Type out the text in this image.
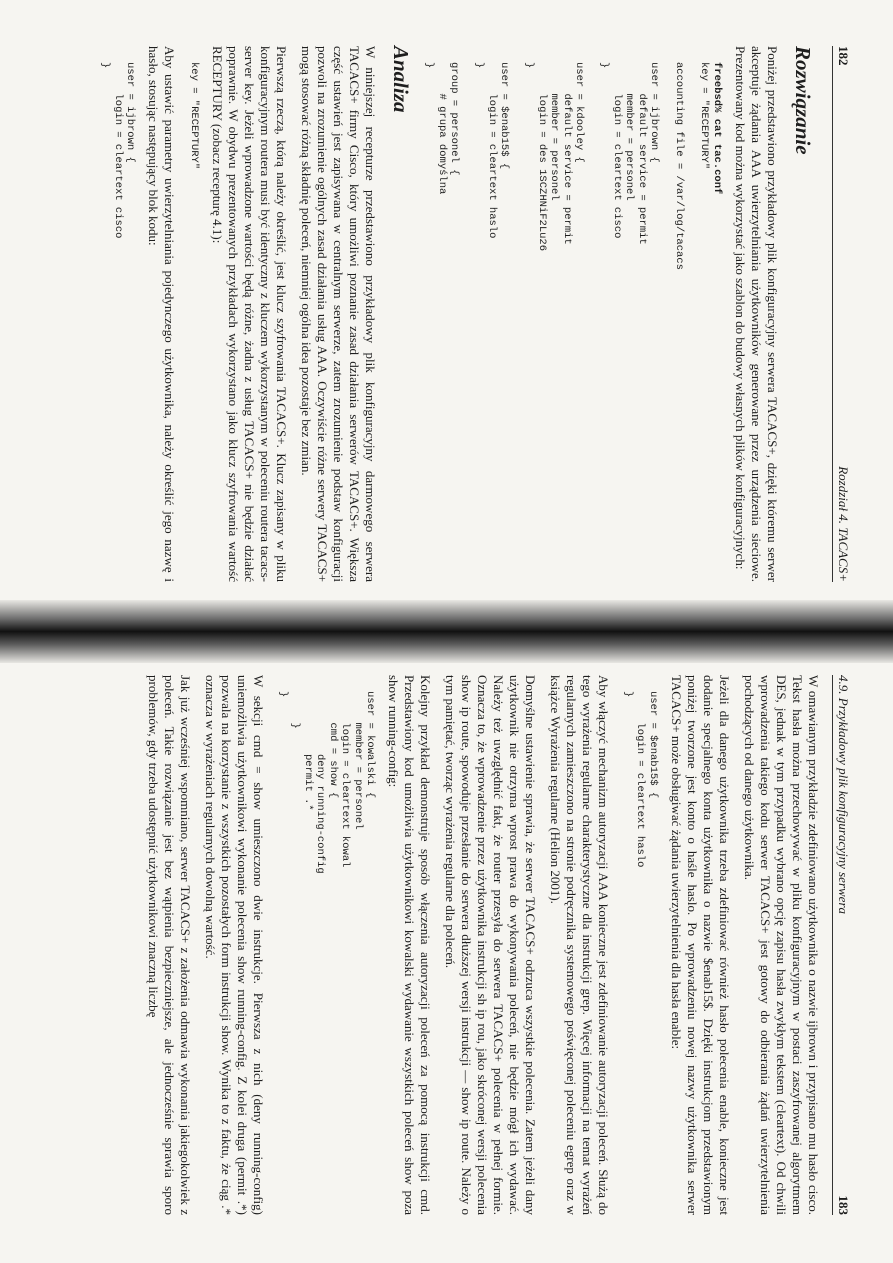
182
Rozdział 4. TACACS+
Rozwiązanie

Poniżej przedstawiono przykładowy plik konfiguracyjny serwera TACACS+, dzięki któremu serwer akceptuje żądania AAA uwierzytelniania użytkowników generowane przez urządzenia sieciowe. Prezentowany kod można wykorzystać jako szablon do budowy własnych plików konfiguracyjnych:

freebsd% cat tac.conf
key = "RECEPTURY"

accounting file = /var/log/tacacs

user = ijbrown {
default service = permit
member = personel
login = cleartext cisco
}

user = kdooley {
default service = permit
member = personel
login = des 1SCZHNiF2Lu26
}

user = $enab15$ {
login = cleartext haslo
}

group = personel {
# grupa domyślna
}
Analiza

W niniejszej recepturze przedstawiono przykładowy plik konfiguracyjny darmowego serwera TACACS+ firmy Cisco, który umożliwi poznanie zasad działania serwerów TACACS+. Większa część ustawień jest zapisywana w centralnym serwerze, zatem zrozumienie podstaw konfiguracji pozwoli na zrozumienie ogólnych zasad działania usług AAA. Oczywiście różne serwery TACACS+ mogą stosować różną składnię poleceń, niemniej ogólna idea pozostaje bez zmian.

Pierwszą rzeczą, którą należy określić, jest klucz szyfrowania TACACS+. Klucz zapisany w pliku konfiguracyjnym routera musi być identyczny z kluczem wykorzystanym w poleceniu routera tacacs-server key. Jeżeli wprowadzone wartości będą różne, żadna z usług TACACS+ nie będzie działać poprawnie. W obydwu prezentowanych przykładach wykorzystano jako klucz szyfrowania wartość RECEPTURY (zobacz recepturę 4.1):

key = "RECEPTURY"

Aby ustawić parametry uwierzytelniania pojedynczego użytkownika, należy określić jego nazwę i hasło, stosując następujący blok kodu:

user = ijbrown {
login = cleartext cisco
}
4.9. Przykładowy plik konfiguracyjny serwera
183

W omawianym przykładzie zdefiniowano użytkownika o nazwie ijbrown i przypisano mu hasło cisco. Tekst hasła można przechowywać w pliku konfiguracyjnym w postaci zaszyfrowanej algorytmem DES, jednak w tym przypadku wybrano opcję zapisu hasła zwykłym tekstem (cleartext). Od chwili wprowadzenia takiego kodu serwer TACACS+ jest gotowy do odbierania żądań uwierzytelnienia pochodzących od danego użytkownika.

Jeżeli dla danego użytkownika trzeba zdefiniować również hasło polecenia enable, konieczne jest dodanie specjalnego konta użytkownika o nazwie $enab15$. Dzięki instrukcjom przedstawionym poniżej tworzone jest konto o haśle haslo. Po wprowadzeniu nowej nazwy użytkownika serwer TACACS+ może obsługiwać żądania uwierzytelnienia dla hasła enable:

user = $enab15$ {
login = cleartext haslo
}

Aby włączyć mechanizm autoryzacji AAA konieczne jest zdefiniowanie autoryzacji poleceń. Służą do tego wyrażenia regularne charakterystyczne dla instrukcji grep. Więcej informacji na temat wyrażeń regularnych zamieszczono na stronie podręcznika systemowego poświęconej poleceniu egrep oraz w książce Wyrażenia regularne (Helion 2001).

Domyślne ustawienie sprawia, że serwer TACACS+ odrzuca wszystkie polecenia. Zatem jeżeli dany użytkownik nie otrzyma wprost prawa do wykonywania poleceń, nie będzie mógł ich wydawać. Należy też uwzględnić fakt, że router przesyła do serwera TACACS+ polecenia w pełnej formie. Oznacza to, że wprowadzenie przez użytkownika instrukcji sh ip rou, jako skróconej wersji polecenia show ip route, spowoduje przesłanie do serwera dłuższej wersji instrukcji — show ip route. Należy o tym pamiętać, tworząc wyrażenia regularne dla poleceń.

Kolejny przykład demonstruje sposób włączenia autoryzacji poleceń za pomocą instrukcji cmd. Przedstawiony kod umożliwia użytkownikowi kowalski wydawanie wszystkich poleceń show poza show running-config:

user = kowalski {
member = personel
login = cleartext kowal
cmd = show {
deny running-config
permit .*
}
}

W sekcji cmd = show umieszczono dwie instrukcje. Pierwsza z nich (deny running-config) uniemożliwia użytkownikowi wykonanie polecenia show running-config. Z kolei druga (permit .*) pozwala na korzystanie z wszystkich pozostałych form instrukcji show. Wynika to z faktu, że ciąg .* oznacza w wyrażeniach regularnych dowolną wartość.

Jak już wcześniej wspomniano, serwer TACACS+ z założenia odmawia wykonania jakiegokolwiek z poleceń. Takie rozwiązanie jest bez wątpienia bezpieczniejsze, ale jednocześnie sprawia sporo problemów, gdy trzeba udostępnić użytkownikowi znaczną liczbę
